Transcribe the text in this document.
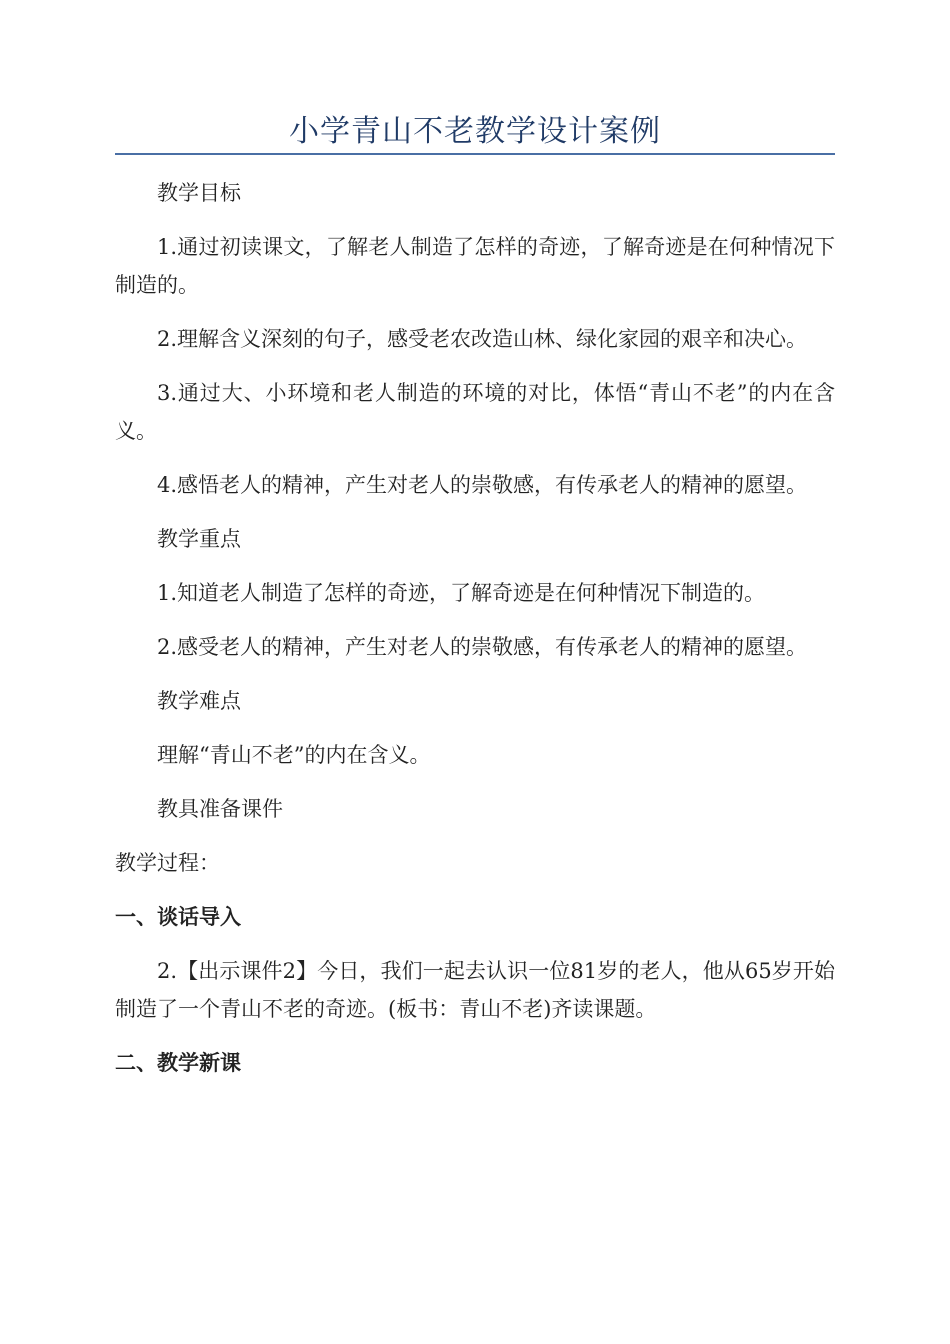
小学青山不老教学设计案例

教学目标

1.通过初读课文，了解老人制造了怎样的奇迹，了解奇迹是在何种情况下制造的。

2.理解含义深刻的句子，感受老农改造山林、绿化家园的艰辛和决心。

3.通过大、小环境和老人制造的环境的对比，体悟“青山不老”的内在含义。

4.感悟老人的精神，产生对老人的崇敬感，有传承老人的精神的愿望。

教学重点

1.知道老人制造了怎样的奇迹，了解奇迹是在何种情况下制造的。

2.感受老人的精神，产生对老人的崇敬感，有传承老人的精神的愿望。

教学难点

理解“青山不老”的内在含义。

教具准备课件

教学过程：

一、谈话导入

2.【出示课件2】今日，我们一起去认识一位81岁的老人，他从65岁开始制造了一个青山不老的奇迹。(板书：青山不老)齐读课题。

二、教学新课
